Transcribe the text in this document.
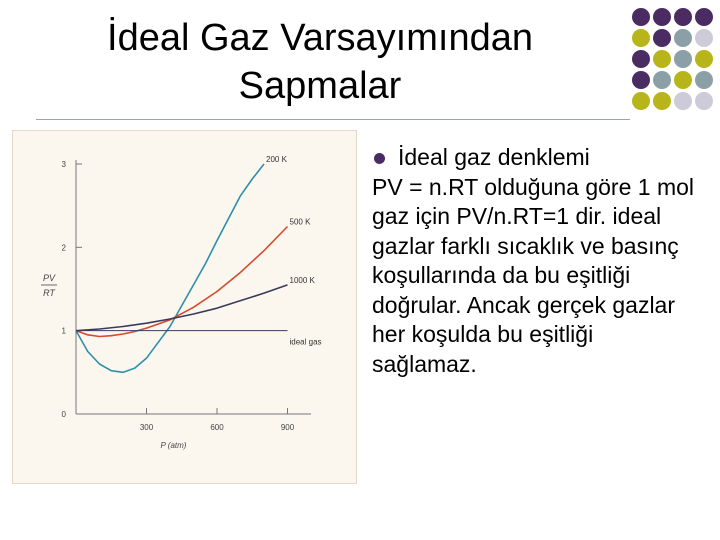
İdeal Gaz Varsayımından
Sapmalar
0
1
2
3
300	600	900
P (atm)
PV
RT
200 K
500 K
1000 K
ideal gas
İdeal gaz denklemi
PV = n.RT olduğuna göre 1 mol gaz için PV/n.RT=1 dir. ideal gazlar farklı sıcaklık ve basınç koşullarında da bu eşitliği doğrular. Ancak gerçek gazlar her koşulda bu eşitliği sağlamaz.
